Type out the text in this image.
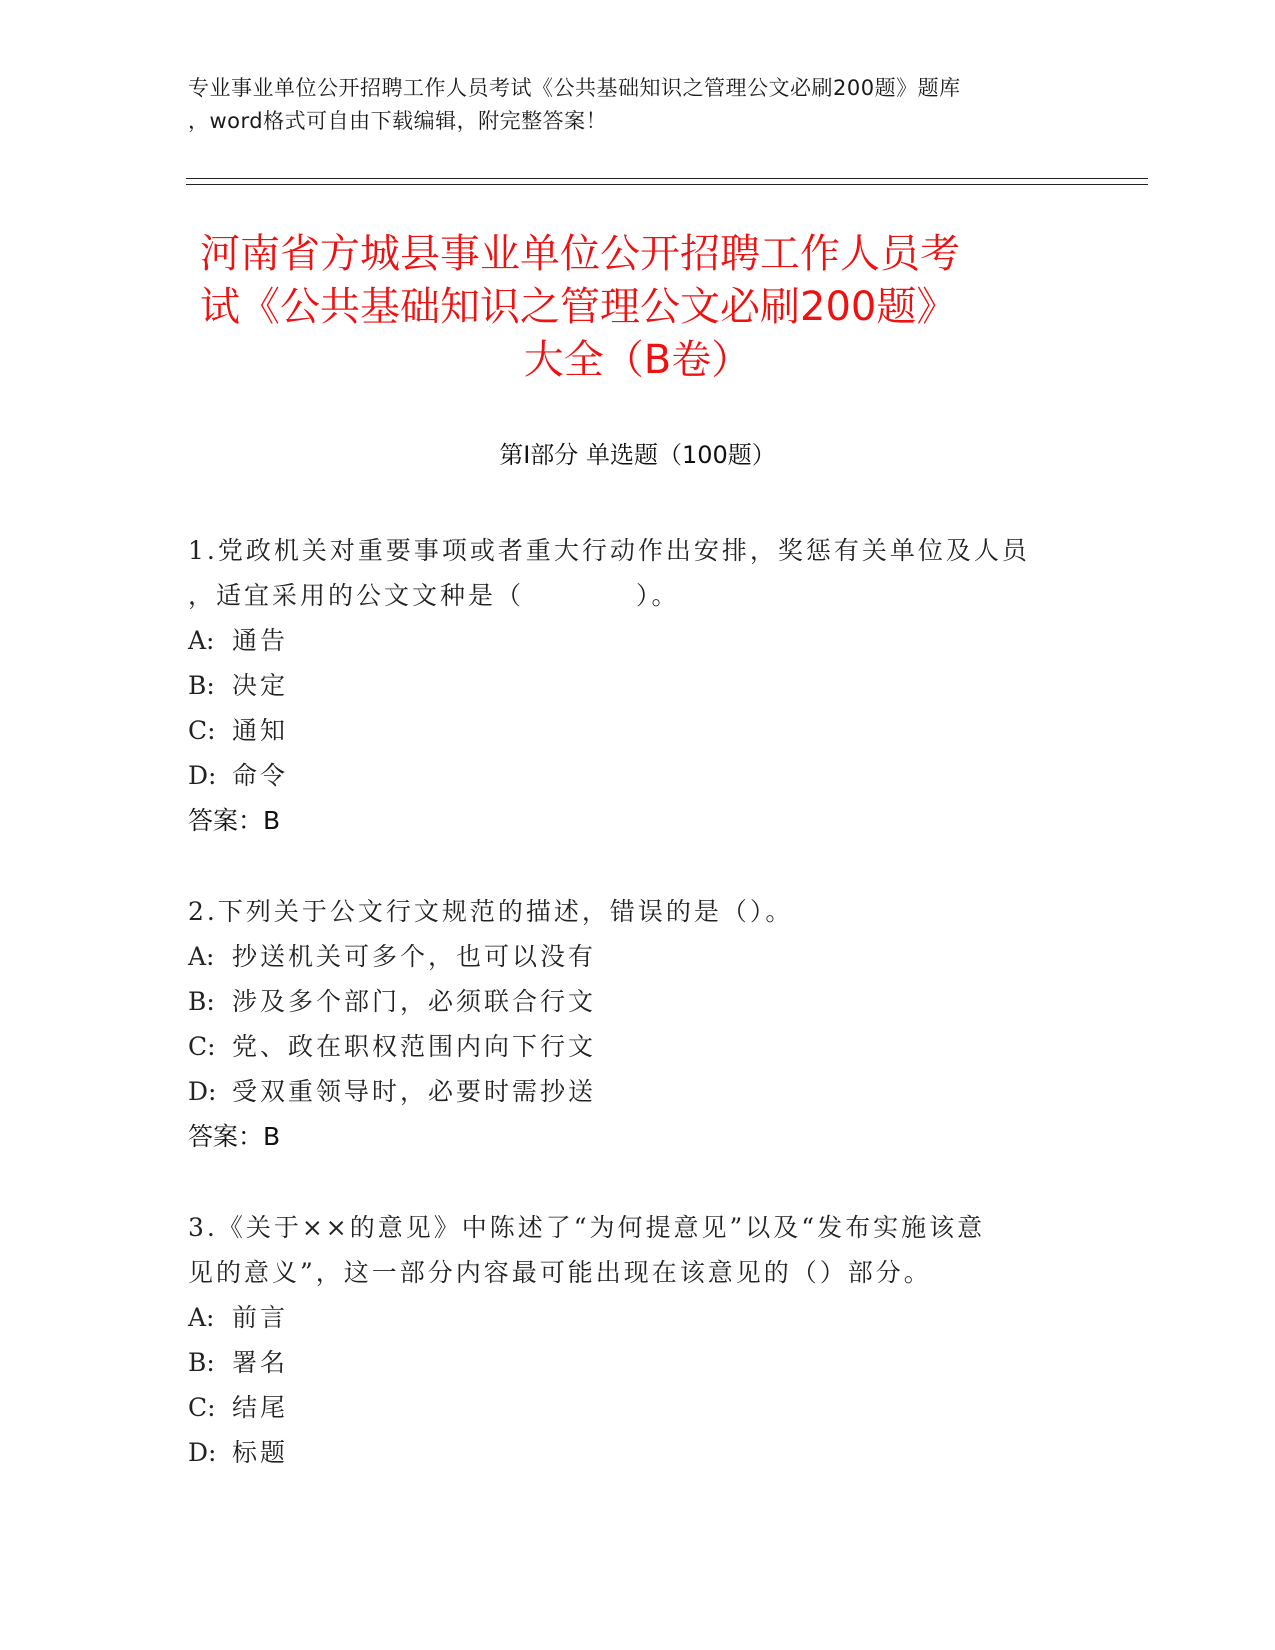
专业事业单位公开招聘工作人员考试《公共基础知识之管理公文必刷200题》题库
，word格式可自由下载编辑，附完整答案！
河南省方城县事业单位公开招聘工作人员考
试《公共基础知识之管理公文必刷200题》
大全（B卷）
第Ⅰ部分 单选题（100题）
1.党政机关对重要事项或者重大行动作出安排，奖惩有关单位及人员
，适宜采用的公文文种是（　　　　）。
A: 通告
B: 决定
C: 通知
D: 命令
答案：B
2.下列关于公文行文规范的描述，错误的是（）。
A: 抄送机关可多个，也可以没有
B: 涉及多个部门，必须联合行文
C: 党、政在职权范围内向下行文
D: 受双重领导时，必要时需抄送
答案：B
3.《关于××的意见》中陈述了“为何提意见”以及“发布实施该意
见的意义”，这一部分内容最可能出现在该意见的（）部分。
A: 前言
B: 署名
C: 结尾
D: 标题
